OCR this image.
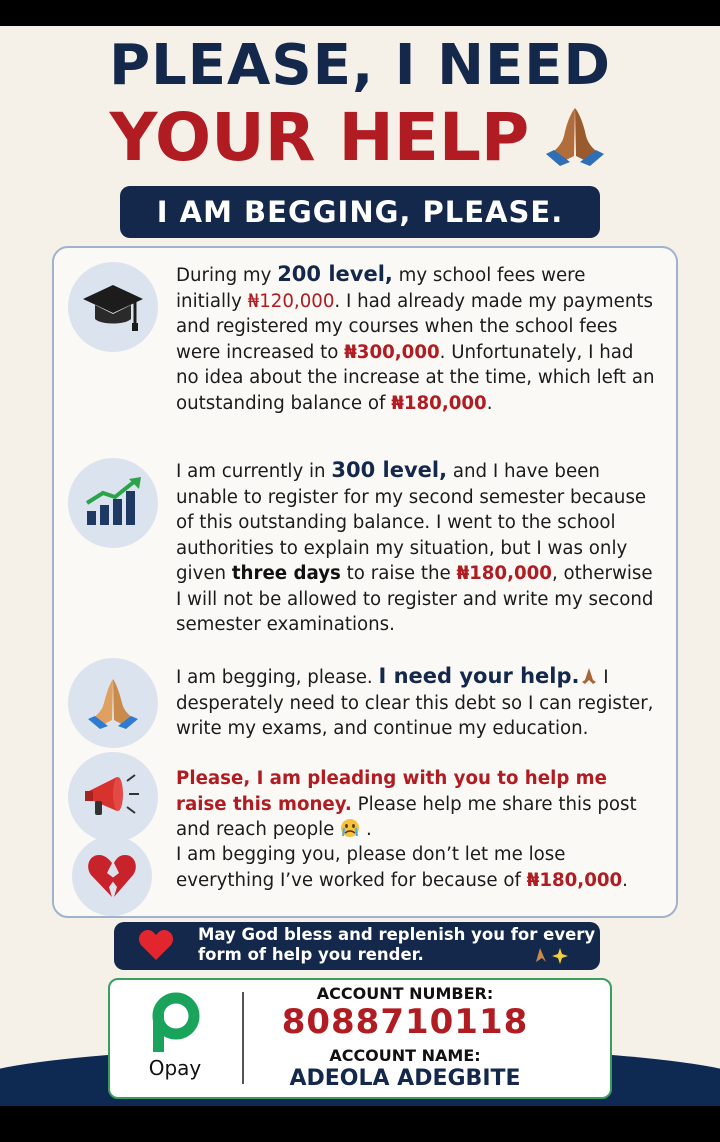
PLEASE, I NEED
YOUR HELP
I AM BEGGING, PLEASE.
During my 200 level, my school fees were initially ₦120,000. I had already made my payments and registered my courses when the school fees were increased to ₦300,000. Unfortunately, I had no idea about the increase at the time, which left an outstanding balance of ₦180,000.
I am currently in 300 level, and I have been unable to register for my second semester because of this outstanding balance. I went to the school authorities to explain my situation, but I was only given three days to raise the ₦180,000, otherwise I will not be allowed to register and write my second semester examinations.
I am begging, please. I need your help. I desperately need to clear this debt so I can register, write my exams, and continue my education.
Please, I am pleading with you to help me raise this money. Please help me share this post and reach people  .
I am begging you, please don’t let me lose everything I’ve worked for because of ₦180,000.
May God bless and replenish you for every form of help you render.
Opay
ACCOUNT NUMBER:
8088710118
ACCOUNT NAME:
ADEOLA ADEGBITE
